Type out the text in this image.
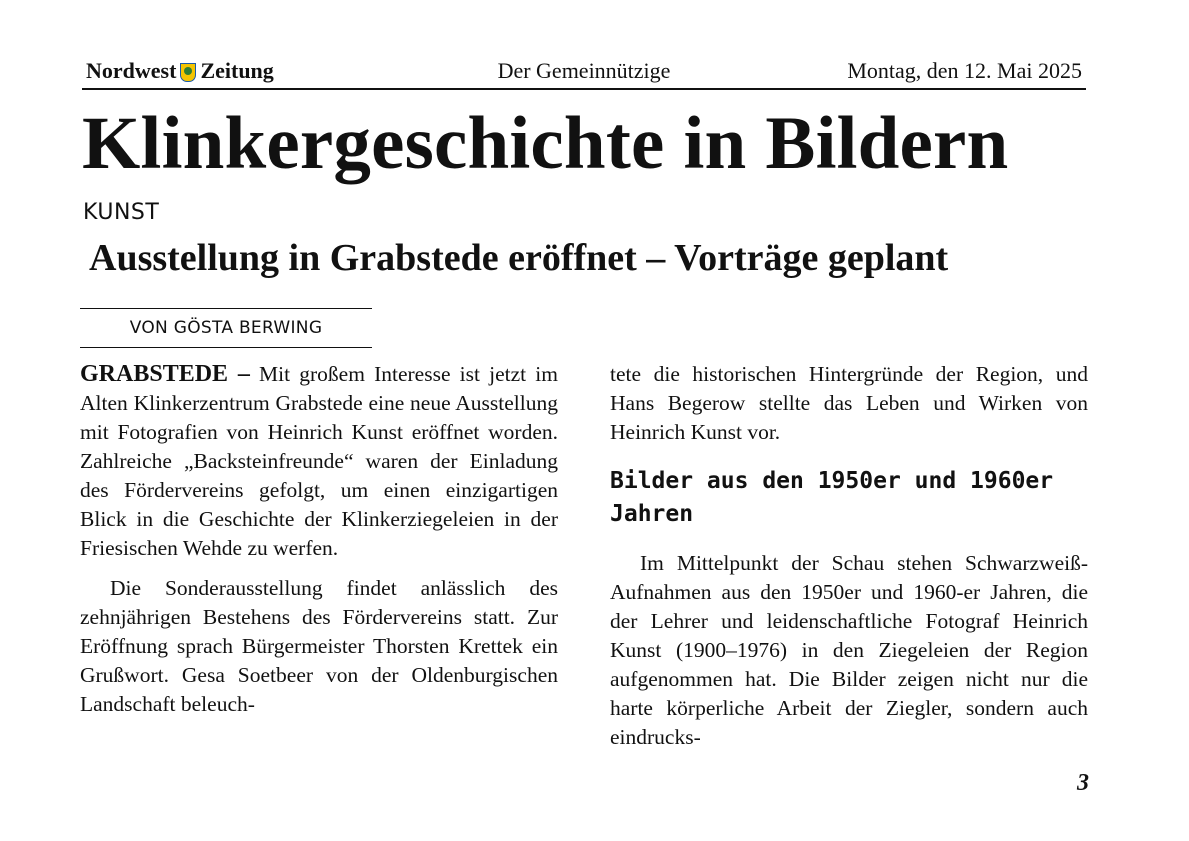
Nordwest Zeitung	Der Gemeinnützige	Montag, den 12. Mai 2025
Klinkergeschichte in Bildern
KUNST
Ausstellung in Grabstede eröffnet – Vorträge geplant
VON GÖSTA BERWING

GRABSTEDE – Mit großem Interesse ist jetzt im Alten Klinkerzentrum Grabstede eine neue Ausstellung mit Fotografien von Heinrich Kunst eröffnet worden. Zahlreiche „Backsteinfreunde“ waren der Einladung des Fördervereins gefolgt, um einen einzigartigen Blick in die Geschichte der Klinkerziegeleien in der Friesischen Wehde zu werfen.

Die Sonderausstellung findet anlässlich des zehnjährigen Bestehens des Fördervereins statt. Zur Eröffnung sprach Bürgermeister Thorsten Krettek ein Grußwort. Gesa Soetbeer von der Oldenburgischen Landschaft beleuch-

tete die historischen Hintergründe der Region, und Hans Begerow stellte das Leben und Wirken von Heinrich Kunst vor.

Bilder aus den 1950er und 1960er Jahren

Im Mittelpunkt der Schau stehen Schwarzweiß-Aufnahmen aus den 1950er und 1960-er Jahren, die der Lehrer und leidenschaftliche Fotograf Heinrich Kunst (1900–1976) in den Ziegeleien der Region aufgenommen hat. Die Bilder zeigen nicht nur die harte körperliche Arbeit der Ziegler, sondern auch eindrucks-

3
